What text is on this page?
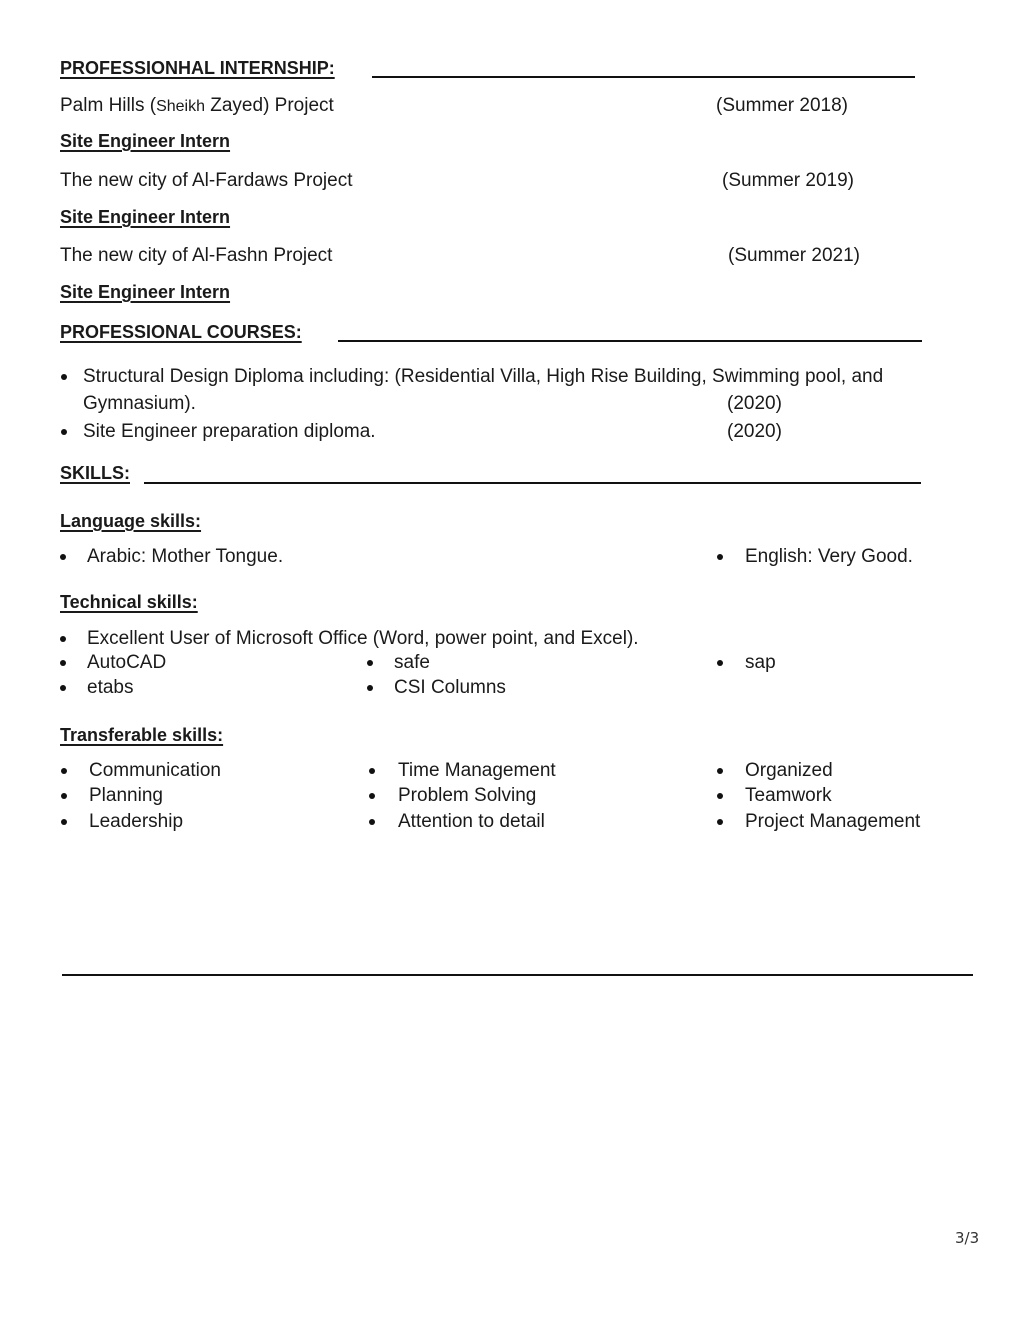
PROFESSIONHAL INTERNSHIP:
Palm Hills (Sheikh Zayed) Project	(Summer 2018)
Site Engineer Intern
The new city of Al-Fardaws Project	(Summer 2019)
Site Engineer Intern
The new city of Al-Fashn Project	(Summer 2021)
Site Engineer Intern
PROFESSIONAL COURSES:
Structural Design Diploma including: (Residential Villa, High Rise Building, Swimming pool, and
Gymnasium).	(2020)
Site Engineer preparation diploma.	(2020)
SKILLS:
Language skills:
Arabic: Mother Tongue.	English: Very Good.
Technical skills:
Excellent User of Microsoft Office (Word, power point, and Excel).
AutoCAD	safe	sap
etabs	CSI Columns
Transferable skills:
Communication	Time Management	Organized
Planning	Problem Solving	Teamwork
Leadership	Attention to detail	Project Management
3/3
